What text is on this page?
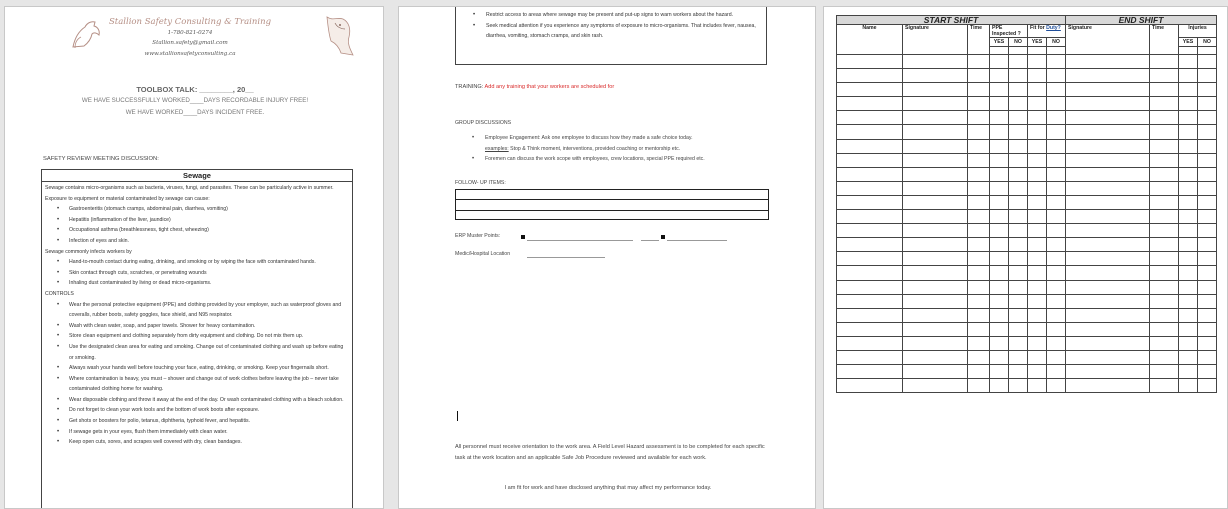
Stallion Safety Consulting & Training
1-780-821-0274
Stallion.safety@gmail.com
www.stallionsafetyconsulting.ca
TOOLBOX TALK: ________, 20__
WE HAVE SUCCESSFULLY WORKED____DAYS RECORDABLE INJURY FREE!
WE HAVE WORKED____DAYS INCIDENT FREE.
SAFETY REVIEW/ MEETING DISCUSSION:
Sewage
Sewage contains micro-organisms such as bacteria, viruses, fungi, and parasites. These can be particularly active in summer. Exposure to equipment or material contaminated by sewage can cause:
• Gastroenteritis (stomach cramps, abdominal pain, diarrhea, vomiting)
• Hepatitis (inflammation of the liver, jaundice)
• Occupational asthma (breathlessness, tight chest, wheezing)
• Infection of eyes and skin.
Sewage commonly infects workers by
• Hand-to-mouth contact during eating, drinking, and smoking or by wiping the face with contaminated hands.
• Skin contact through cuts, scratches, or penetrating wounds
• Inhaling dust contaminated by living or dead micro-organisms.
CONTROLS
• Wear the personal protective equipment (PPE) and clothing provided by your employer, such as waterproof gloves and coveralls, rubber boots, safety goggles, face shield, and N95 respirator.
• Wash with clean water, soap, and paper towels. Shower for heavy contamination.
• Store clean equipment and clothing separately from dirty equipment and clothing. Do not mix them up.
• Use the designated clean area for eating and smoking. Change out of contaminated clothing and wash up before eating or smoking.
• Always wash your hands well before touching your face, eating, drinking, or smoking. Keep your fingernails short.
• Where contamination is heavy, you must – shower and change out of work clothes before leaving the job – never take contaminated clothing home for washing.
• Wear disposable clothing and throw it away at the end of the day. Or wash contaminated clothing with a bleach solution.
• Do not forget to clean your work tools and the bottom of work boots after exposure.
• Get shots or boosters for polio, tetanus, diphtheria, typhoid fever, and hepatitis.
• If sewage gets in your eyes, flush them immediately with clean water.
• Keep open cuts, sores, and scrapes well covered with dry, clean bandages.
• Restrict access to areas where sewage may be present and put-up signs to warn workers about the hazard.
• Seek medical attention if you experience any symptoms of exposure to micro-organisms. That includes fever, nausea, diarrhea, vomiting, stomach cramps, and skin rash.
TRAINING: Add any training that your workers are scheduled for
GROUP DISCUSSIONS
• Employee Engagement: Ask one employee to discuss how they made a safe choice today.
examples: Stop & Think moment, interventions, provided coaching or mentorship etc.
• Foremen can discuss the work scope with employees, crew locations, special PPE required etc.
FOLLOW- UP ITEMS:
ERP Muster Points:
Medic/Hospital Location
All personnel must receive orientation to the work area. A Field Level Hazard assessment is to be completed for each specific task at the work location and an applicable Safe Job Procedure reviewed and available for each work.
I am fit for work and have disclosed anything that may affect my performance today.
START SHIFT							END SHIFT			
Name	Signature	Time	PPE Inspected ?		Fit for Duty?		Signature	Time	Injuries	
			YES	NO	YES	NO			YES	NO
